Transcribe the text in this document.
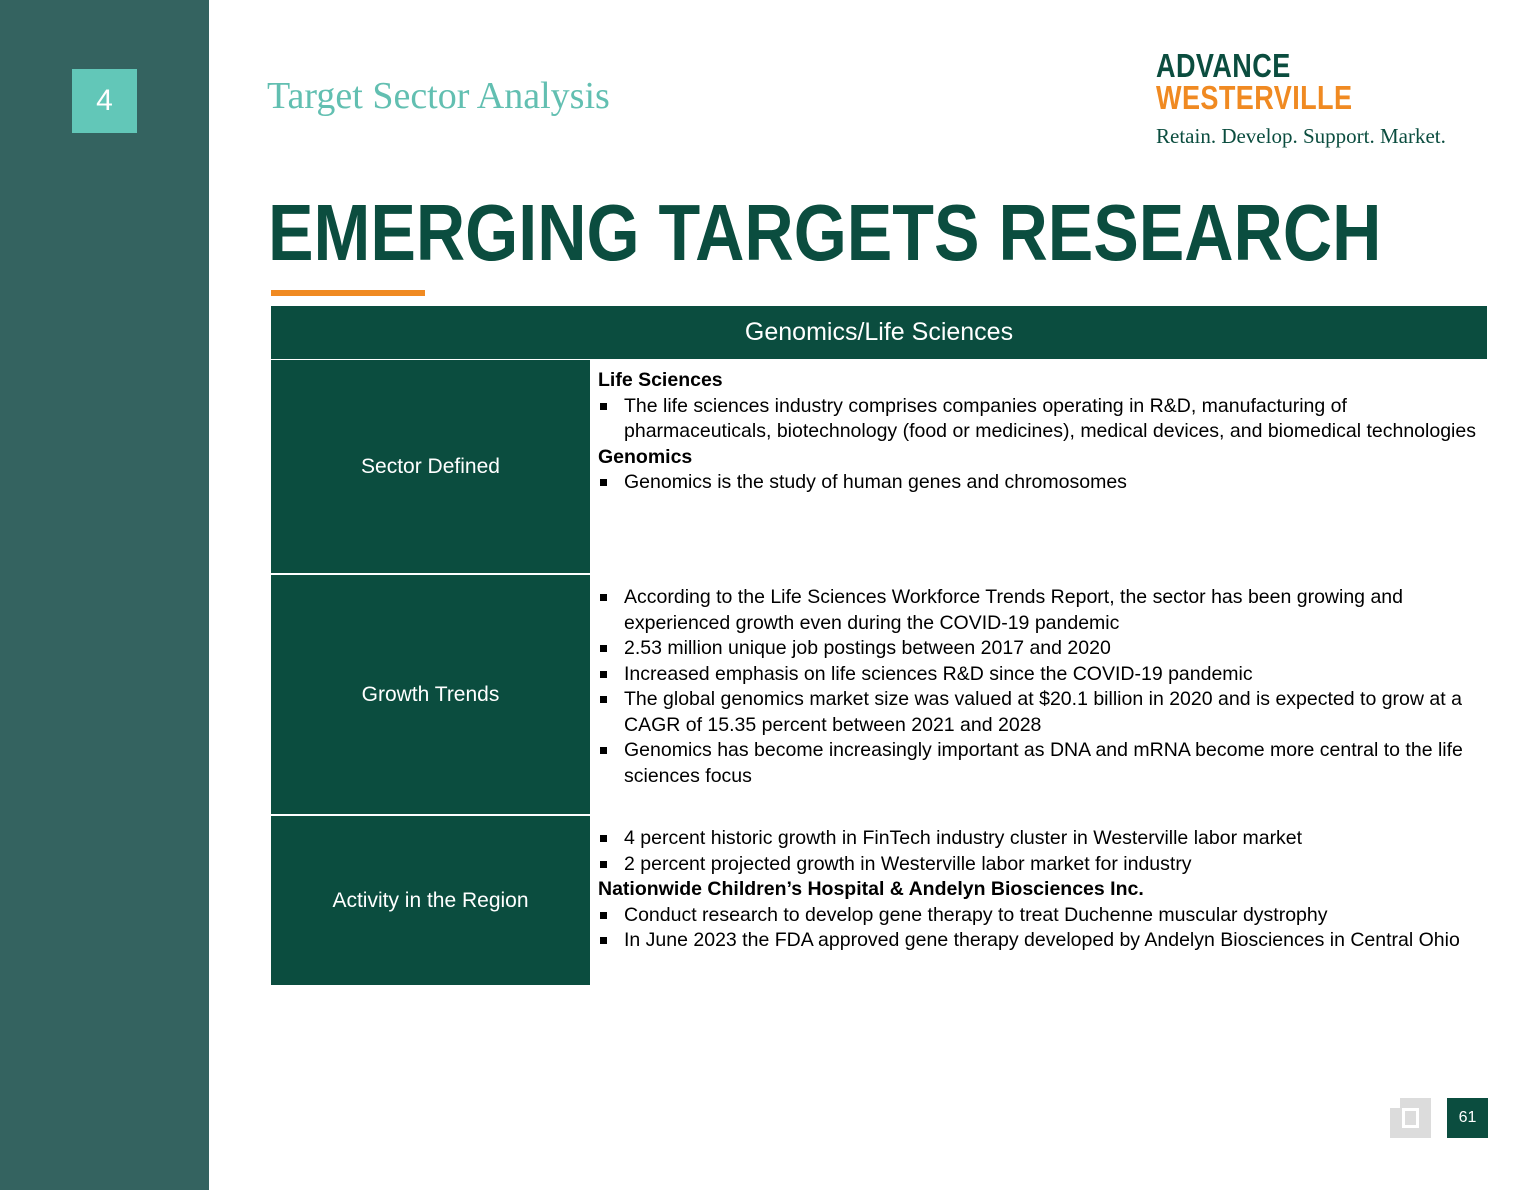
4	Target Sector Analysis
ADVANCE
WESTERVILLE
Retain. Develop. Support. Market.
EMERGING TARGETS RESEARCH
Genomics/Life Sciences
Sector Defined
Life Sciences
The life sciences industry comprises companies operating in R&D, manufacturing of pharmaceuticals, biotechnology (food or medicines), medical devices, and biomedical technologies
Genomics
Genomics is the study of human genes and chromosomes
Growth Trends
According to the Life Sciences Workforce Trends Report, the sector has been growing and experienced growth even during the COVID-19 pandemic
2.53 million unique job postings between 2017 and 2020
Increased emphasis on life sciences R&D since the COVID-19 pandemic
The global genomics market size was valued at $20.1 billion in 2020 and is expected to grow at a CAGR of 15.35 percent between 2021 and 2028
Genomics has become increasingly important as DNA and mRNA become more central to the life sciences focus
Activity in the Region
4 percent historic growth in FinTech industry cluster in Westerville labor market
2 percent projected growth in Westerville labor market for industry
Nationwide Children’s Hospital & Andelyn Biosciences Inc.
Conduct research to develop gene therapy to treat Duchenne muscular dystrophy
In June 2023 the FDA approved gene therapy developed by Andelyn Biosciences in Central Ohio
61
